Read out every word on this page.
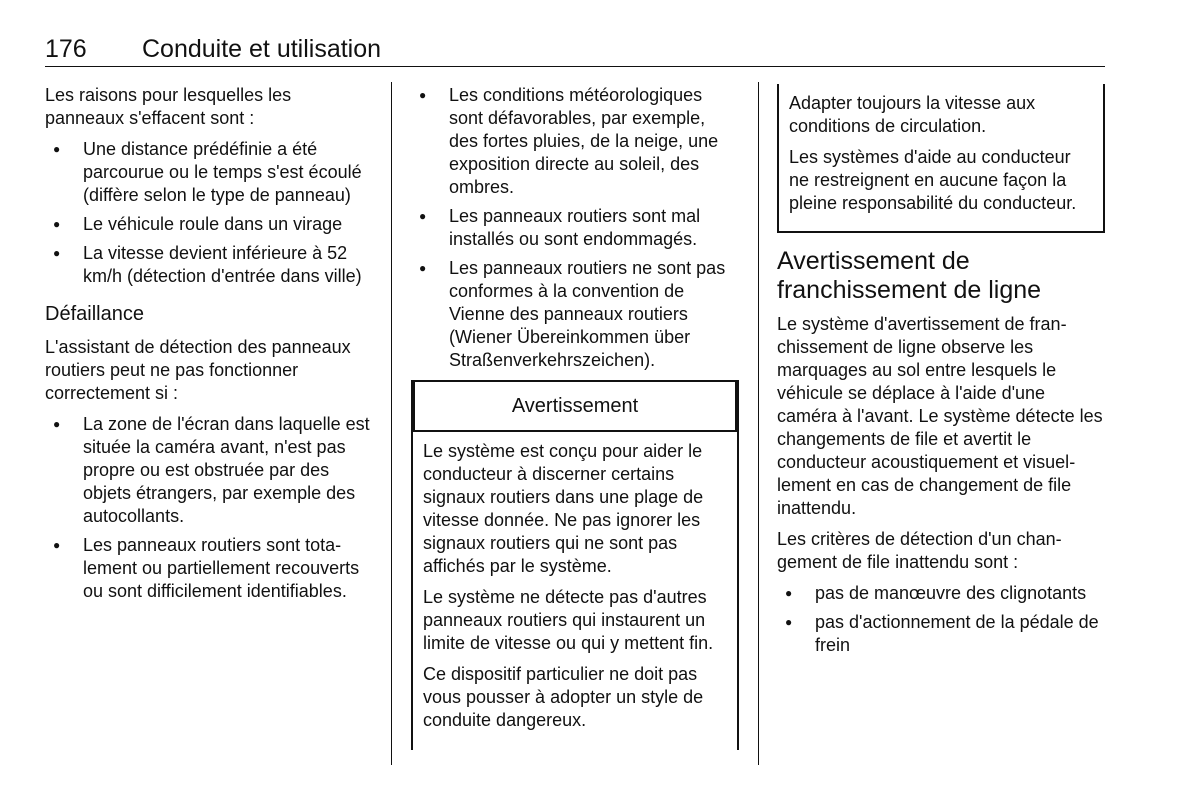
176 Conduite et utilisation

Les raisons pour lesquelles les panneaux s'effacent sont :

● Une distance prédéfinie a été parcourue ou le temps s'est écoulé (diffère selon le type de panneau)
● Le véhicule roule dans un virage
● La vitesse devient inférieure à 52 km/h (détection d'entrée dans ville)
Défaillance

L'assistant de détection des panneaux routiers peut ne pas fonctionner correctement si :

● La zone de l'écran dans laquelle est située la caméra avant, n'est pas propre ou est obstruée par des objets étrangers, par exemple des autocollants.
● Les panneaux routiers sont totalement ou partiellement recouverts ou sont difficilement identifiables.
● Les conditions météorologiques sont défavorables, par exemple, des fortes pluies, de la neige, une exposition directe au soleil, des ombres.
● Les panneaux routiers sont mal installés ou sont endommagés.
● Les panneaux routiers ne sont pas conformes à la convention de Vienne des panneaux routiers (Wiener Übereinkommen über Straßenverkehrszeichen).
Avertissement

Le système est conçu pour aider le conducteur à discerner certains signaux routiers dans une plage de vitesse donnée. Ne pas ignorer les signaux routiers qui ne sont pas affichés par le système.

Le système ne détecte pas d'autres panneaux routiers qui instaurent un limite de vitesse ou qui y mettent fin.

Ce dispositif particulier ne doit pas vous pousser à adopter un style de conduite dangereux.

Adapter toujours la vitesse aux conditions de circulation.

Les systèmes d'aide au conducteur ne restreignent en aucune façon la pleine responsabilité du conducteur.

Avertissement de franchissement de ligne

Le système d'avertissement de franchissement de ligne observe les marquages au sol entre lesquels le véhicule se déplace à l'aide d'une caméra à l'avant. Le système détecte les changements de file et avertit le conducteur acoustiquement et visuellement en cas de changement de file inattendu.

Les critères de détection d'un changement de file inattendu sont :

● pas de manœuvre des clignotants
● pas d'actionnement de la pédale de frein
